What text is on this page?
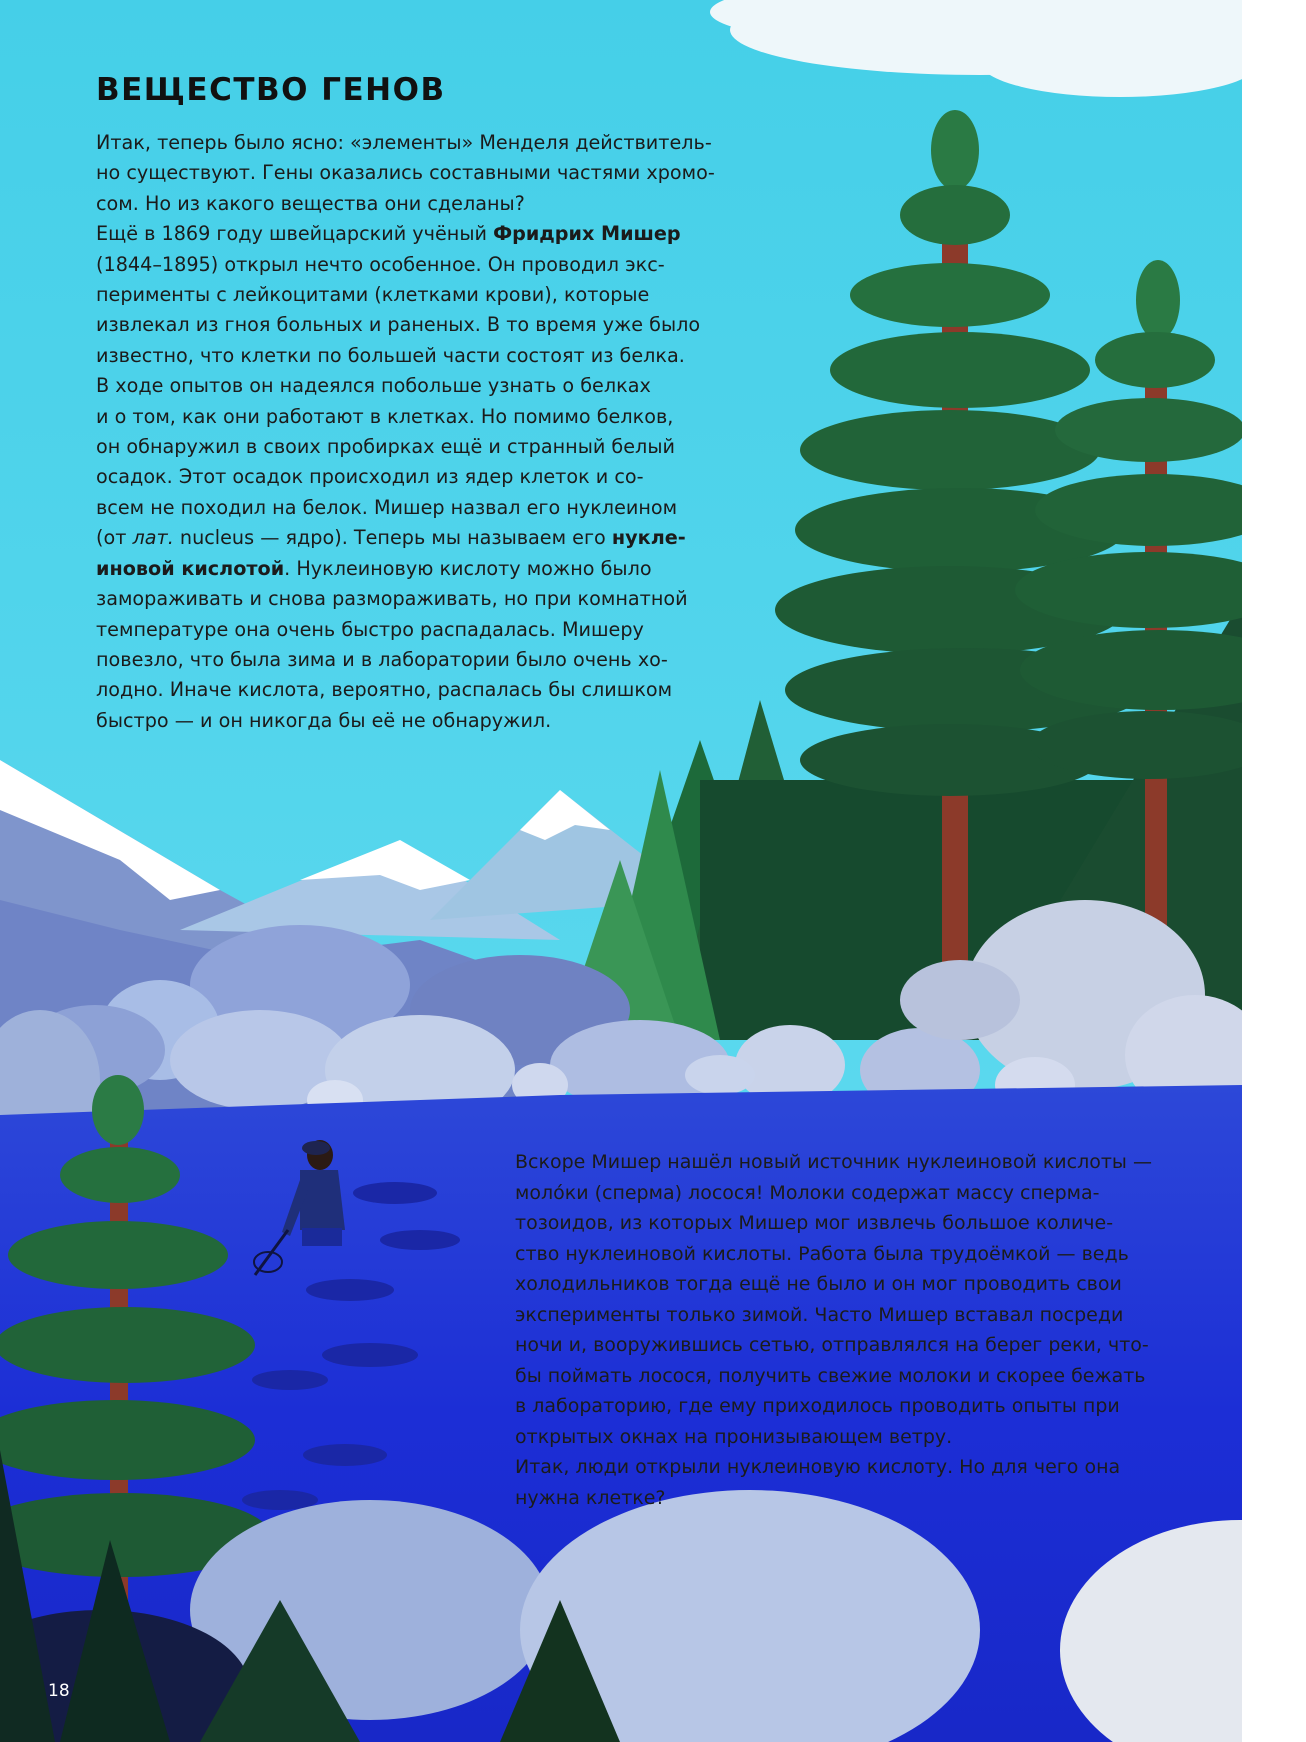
ВЕЩЕСТВО ГЕНОВ
Итак, теперь было ясно: «элементы» Менделя действитель-
но существуют. Гены оказались составными частями хромо-
сом. Но из какого вещества они сделаны?
Ещё в 1869 году швейцарский учёный Фридрих Мишер
(1844–1895) открыл нечто особенное. Он проводил экс-
перименты с лейкоцитами (клетками крови), которые
извлекал из гноя больных и раненых. В то время уже было
известно, что клетки по большей части состоят из белка.
В ходе опытов он надеялся побольше узнать о белках
и о том, как они работают в клетках. Но помимо белков,
он обнаружил в своих пробирках ещё и странный белый
осадок. Этот осадок происходил из ядер клеток и со-
всем не походил на белок. Мишер назвал его нуклеином
(от лат. nucleus — ядро). Теперь мы называем его нукле-
иновой кислотой. Нуклеиновую кислоту можно было
замораживать и снова размораживать, но при комнатной
температуре она очень быстро распадалась. Мишеру
повезло, что была зима и в лаборатории было очень хо-
лодно. Иначе кислота, вероятно, распалась бы слишком
быстро — и он никогда бы её не обнаружил.
Вскоре Мишер нашёл новый источник нуклеиновой кислоты —
моло́ки (сперма) лосося! Молоки содержат массу сперма-
тозоидов, из которых Мишер мог извлечь большое количе-
ство нуклеиновой кислоты. Работа была трудоёмкой — ведь
холодильников тогда ещё не было и он мог проводить свои
эксперименты только зимой. Часто Мишер вставал посреди
ночи и, вооружившись сетью, отправлялся на берег реки, что-
бы поймать лосося, получить свежие молоки и скорее бежать
в лабораторию, где ему приходилось проводить опыты при
открытых окнах на пронизывающем ветру.
Итак, люди открыли нуклеиновую кислоту. Но для чего она
нужна клетке?
18
